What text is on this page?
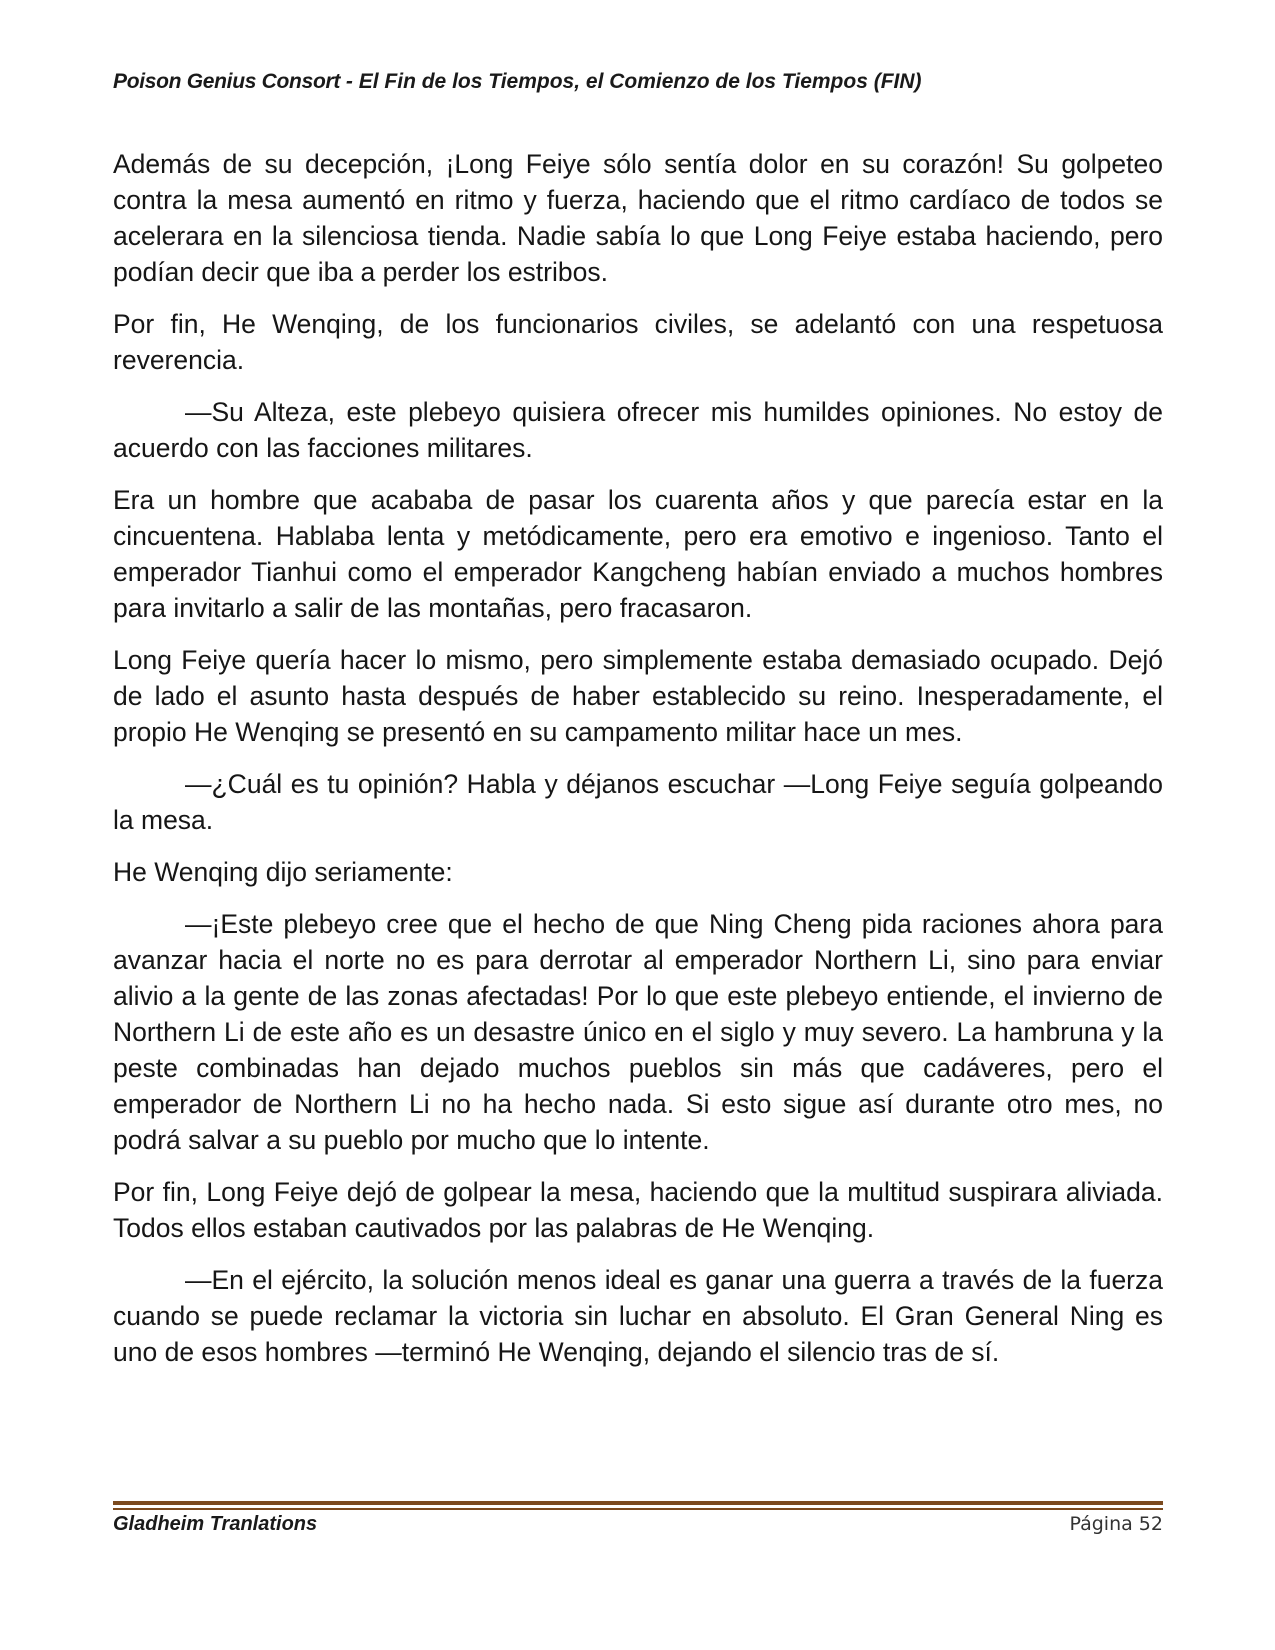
Poison Genius Consort - El Fin de los Tiempos, el Comienzo de los Tiempos (FIN)

Además de su decepción, ¡Long Feiye sólo sentía dolor en su corazón! Su golpeteo contra la mesa aumentó en ritmo y fuerza, haciendo que el ritmo cardíaco de todos se acelerara en la silenciosa tienda. Nadie sabía lo que Long Feiye estaba haciendo, pero podían decir que iba a perder los estribos.

Por fin, He Wenqing, de los funcionarios civiles, se adelantó con una respetuosa reverencia.

—Su Alteza, este plebeyo quisiera ofrecer mis humildes opiniones. No estoy de acuerdo con las facciones militares.

Era un hombre que acababa de pasar los cuarenta años y que parecía estar en la cincuentena. Hablaba lenta y metódicamente, pero era emotivo e ingenioso. Tanto el emperador Tianhui como el emperador Kangcheng habían enviado a muchos hombres para invitarlo a salir de las montañas, pero fracasaron.

Long Feiye quería hacer lo mismo, pero simplemente estaba demasiado ocupado. Dejó de lado el asunto hasta después de haber establecido su reino. Inesperadamente, el propio He Wenqing se presentó en su campamento militar hace un mes.

—¿Cuál es tu opinión? Habla y déjanos escuchar —Long Feiye seguía golpeando la mesa.

He Wenqing dijo seriamente:

—¡Este plebeyo cree que el hecho de que Ning Cheng pida raciones ahora para avanzar hacia el norte no es para derrotar al emperador Northern Li, sino para enviar alivio a la gente de las zonas afectadas! Por lo que este plebeyo entiende, el invierno de Northern Li de este año es un desastre único en el siglo y muy severo. La hambruna y la peste combinadas han dejado muchos pueblos sin más que cadáveres, pero el emperador de Northern Li no ha hecho nada. Si esto sigue así durante otro mes, no podrá salvar a su pueblo por mucho que lo intente.

Por fin, Long Feiye dejó de golpear la mesa, haciendo que la multitud suspirara aliviada. Todos ellos estaban cautivados por las palabras de He Wenqing.

—En el ejército, la solución menos ideal es ganar una guerra a través de la fuerza cuando se puede reclamar la victoria sin luchar en absoluto. El Gran General Ning es uno de esos hombres —terminó He Wenqing, dejando el silencio tras de sí.

Gladheim Tranlations	Página 52
